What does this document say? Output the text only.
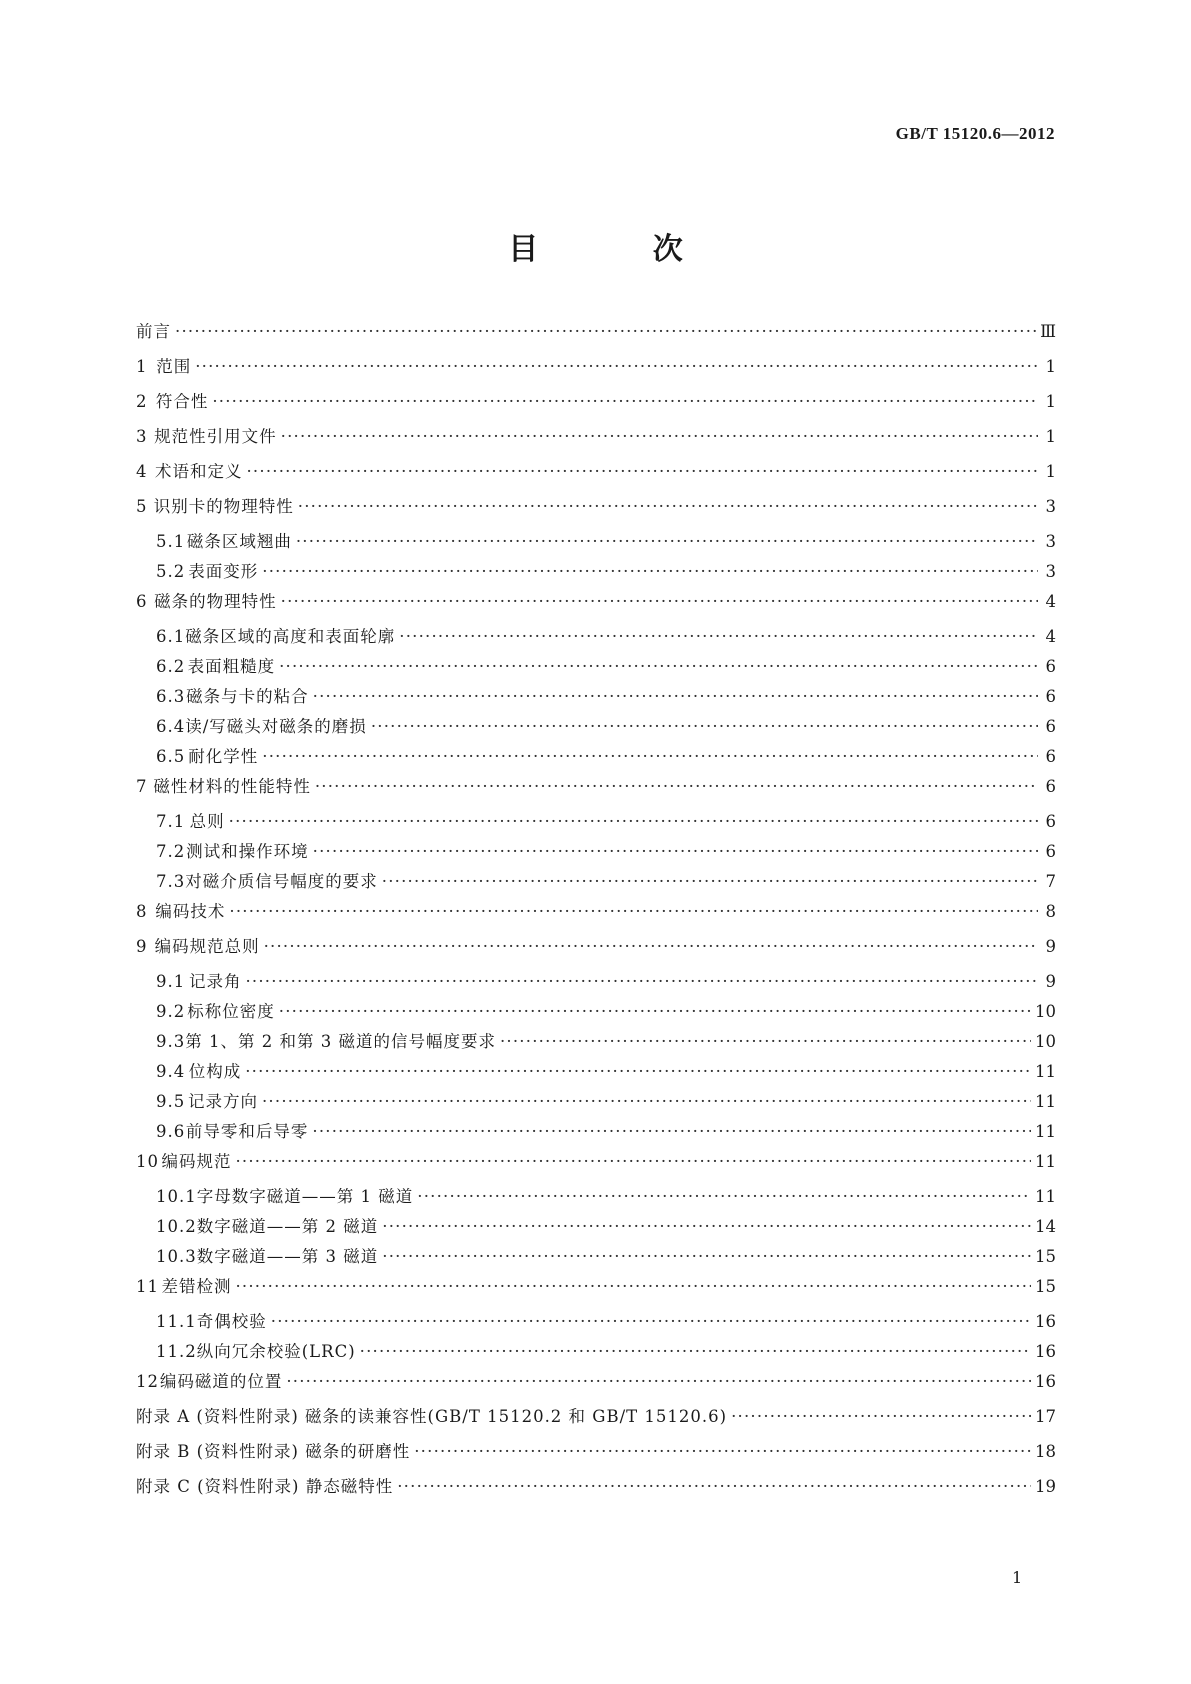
GB/T 15120.6—2012
目 次
前言 ·····	Ⅲ
1 范围 ·····	1
2 符合性 ·····	1
3 规范性引用文件 ·····	1
4 术语和定义 ·····	1
5 识别卡的物理特性 ·····	3
5.1 磁条区域翘曲 ·····	3
5.2 表面变形 ·····	3
6 磁条的物理特性 ·····	4
6.1 磁条区域的高度和表面轮廓 ·····	4
6.2 表面粗糙度 ·····	6
6.3 磁条与卡的粘合 ·····	6
6.4 读/写磁头对磁条的磨损 ·····	6
6.5 耐化学性 ·····	6
7 磁性材料的性能特性 ·····	6
7.1 总则 ·····	6
7.2 测试和操作环境 ·····	6
7.3 对磁介质信号幅度的要求 ·····	7
8 编码技术 ·····	8
9 编码规范总则 ·····	9
9.1 记录角 ·····	9
9.2 标称位密度 ·····	10
9.3 第 1、第 2 和第 3 磁道的信号幅度要求 ·····	10
9.4 位构成 ·····	11
9.5 记录方向 ·····	11
9.6 前导零和后导零 ·····	11
10 编码规范 ·····	11
10.1 字母数字磁道——第 1 磁道 ·····	11
10.2 数字磁道——第 2 磁道 ·····	14
10.3 数字磁道——第 3 磁道 ·····	15
11 差错检测 ·····	15
11.1 奇偶校验 ·····	16
11.2 纵向冗余校验(LRC) ·····	16
12 编码磁道的位置 ·····	16
附录 A (资料性附录) 磁条的读兼容性(GB/T 15120.2 和 GB/T 15120.6) ·····	17
附录 B (资料性附录) 磁条的研磨性 ·····	18
附录 C (资料性附录) 静态磁特性 ·····	19
1
